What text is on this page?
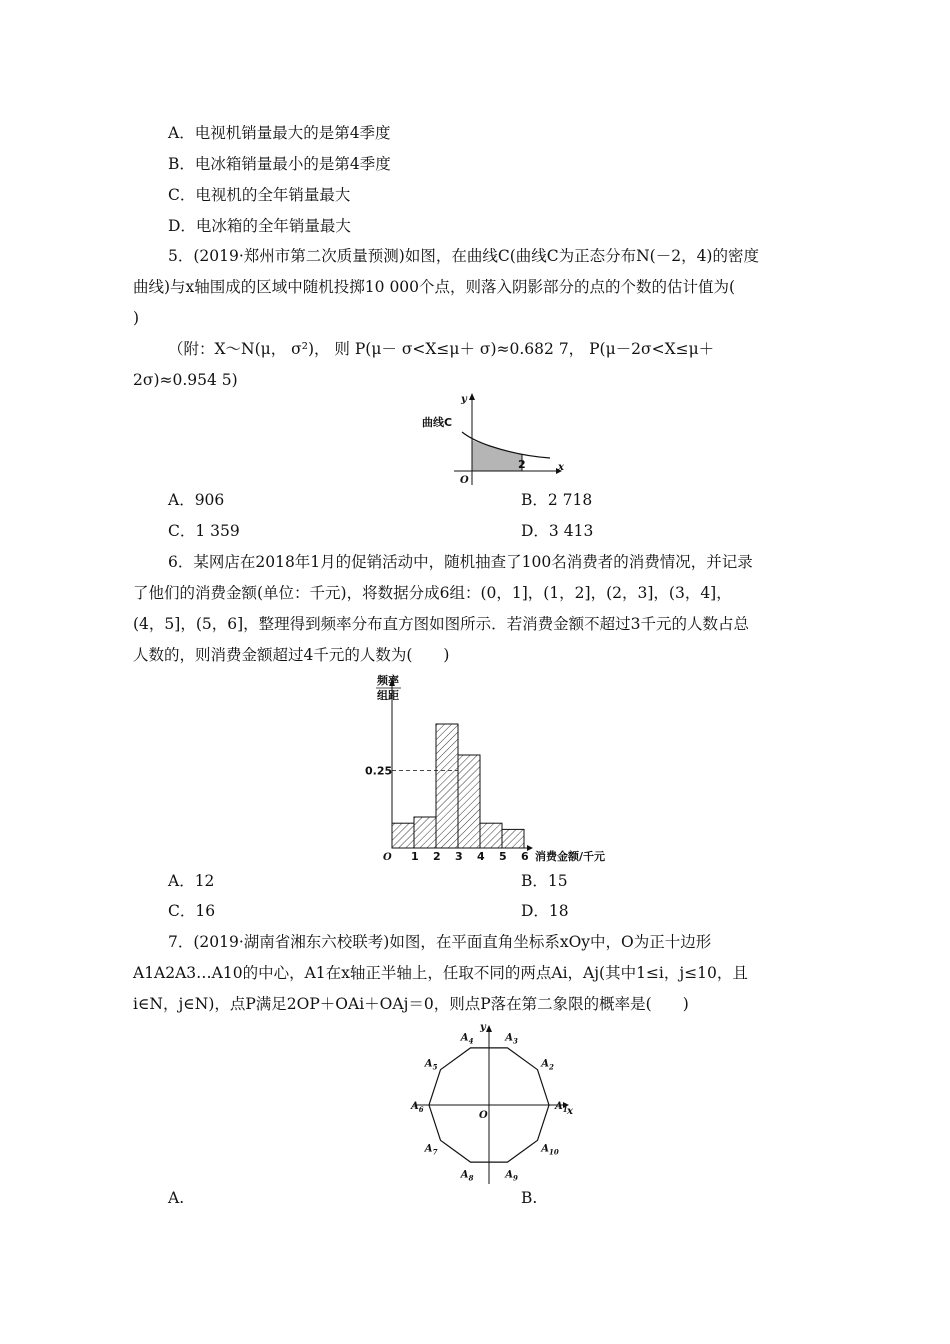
A．电视机销量最大的是第4季度
B．电冰箱销量最小的是第4季度
C．电视机的全年销量最大
D．电冰箱的全年销量最大
5．(2019·郑州市第二次质量预测)如图，在曲线C(曲线C为正态分布N(－2，4)的密度
曲线)与x轴围成的区域中随机投掷10 000个点，则落入阴影部分的点的个数的估计值为(
)
（附：X～N(μ， σ²)， 则 P(μ－ σ<X≤μ＋ σ)≈0.682 7， P(μ－2σ<X≤μ＋
2σ)≈0.954 5)
曲线C
y
x
O
2
A．906	B．2 718
C．1 359	D．3 413
6．某网店在2018年1月的促销活动中，随机抽查了100名消费者的消费情况，并记录
了他们的消费金额(单位：千元)，将数据分成6组：(0，1]，(1，2]，(2，3]，(3，4]，
(4，5]，(5，6]，整理得到频率分布直方图如图所示．若消费金额不超过3千元的人数占总
人数的，则消费金额超过4千元的人数为(　　)
频率
组距
0.25
O 1 2 3 4 5 6 消费金额/千元
A．12	B．15
C．16	D．18
7．(2019·湖南省湘东六校联考)如图，在平面直角坐标系xOy中，O为正十边形
A1A2A3…A10的中心，A1在x轴正半轴上，任取不同的两点Ai，Aj(其中1≤i，j≤10，且
i∈N，j∈N)，点P满足2OP＋OAi＋OAj＝0，则点P落在第二象限的概率是(　　)
$A_1$
$A_2$
$A_3$
$A_4$
$A_5$
$A_6$
$A_7$
$A_8$	$A_9$
$A_{10}$
y
x
O
A.	B.
